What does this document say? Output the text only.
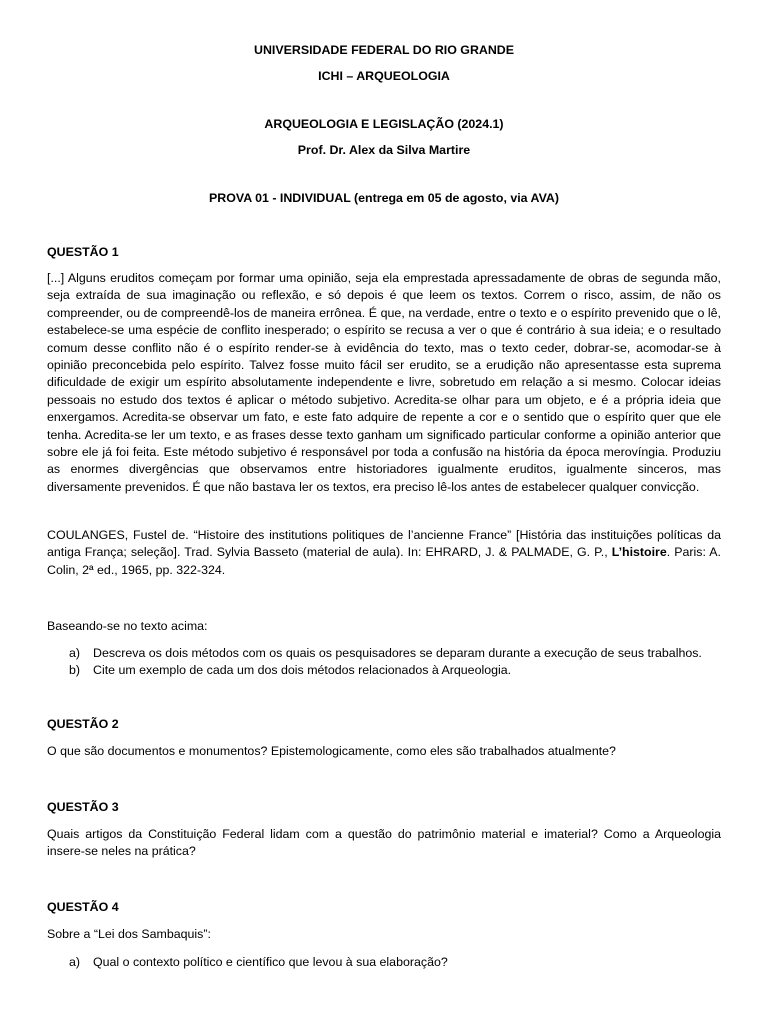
UNIVERSIDADE FEDERAL DO RIO GRANDE
ICHI – ARQUEOLOGIA
ARQUEOLOGIA E LEGISLAÇÃO (2024.1)
Prof. Dr. Alex da Silva Martire
PROVA 01 - INDIVIDUAL (entrega em 05 de agosto, via AVA)
QUESTÃO 1

[...] Alguns eruditos começam por formar uma opinião, seja ela emprestada apressadamente de obras de segunda mão, seja extraída de sua imaginação ou reflexão, e só depois é que leem os textos. Correm o risco, assim, de não os compreender, ou de compreendê-los de maneira errônea. É que, na verdade, entre o texto e o espírito prevenido que o lê, estabelece-se uma espécie de conflito inesperado; o espírito se recusa a ver o que é contrário à sua ideia; e o resultado comum desse conflito não é o espírito render-se à evidência do texto, mas o texto ceder, dobrar-se, acomodar-se à opinião preconcebida pelo espírito. Talvez fosse muito fácil ser erudito, se a erudição não apresentasse esta suprema dificuldade de exigir um espírito absolutamente independente e livre, sobretudo em relação a si mesmo. Colocar ideias pessoais no estudo dos textos é aplicar o método subjetivo. Acredita-se olhar para um objeto, e é a própria ideia que enxergamos. Acredita-se observar um fato, e este fato adquire de repente a cor e o sentido que o espírito quer que ele tenha. Acredita-se ler um texto, e as frases desse texto ganham um significado particular conforme a opinião anterior que sobre ele já foi feita. Este método subjetivo é responsável por toda a confusão na história da época merovíngia. Produziu as enormes divergências que observamos entre historiadores igualmente eruditos, igualmente sinceros, mas diversamente prevenidos. É que não bastava ler os textos, era preciso lê-los antes de estabelecer qualquer convicção.

COULANGES, Fustel de. “Histoire des institutions politiques de l’ancienne France” [História das instituições políticas da antiga França; seleção]. Trad. Sylvia Basseto (material de aula). In: EHRARD, J. & PALMADE, G. P., L’histoire. Paris: A. Colin, 2ª ed., 1965, pp. 322-324.

Baseando-se no texto acima:
a)	Descreva os dois métodos com os quais os pesquisadores se deparam durante a execução de seus trabalhos.
b)	Cite um exemplo de cada um dos dois métodos relacionados à Arqueologia.
QUESTÃO 2

O que são documentos e monumentos? Epistemologicamente, como eles são trabalhados atualmente?

QUESTÃO 3

Quais artigos da Constituição Federal lidam com a questão do patrimônio material e imaterial? Como a Arqueologia insere-se neles na prática?

QUESTÃO 4
Sobre a “Lei dos Sambaquis”:
a)	Qual o contexto político e científico que levou à sua elaboração?
